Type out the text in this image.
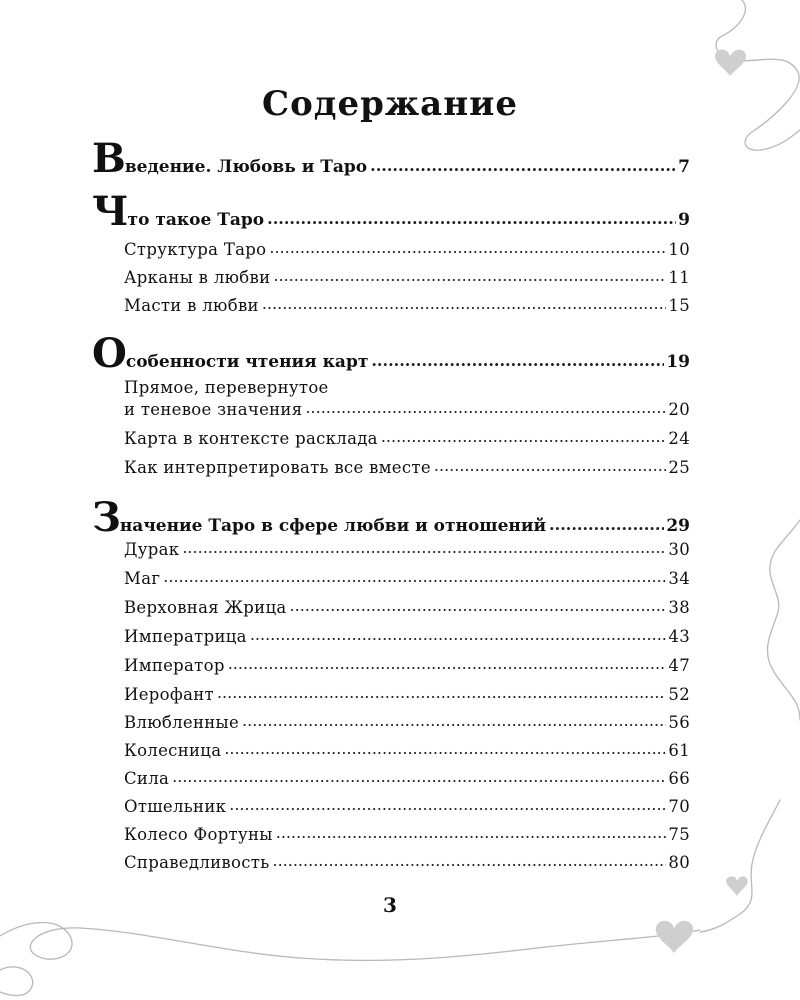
Содержание
Введение. Любовь и Таро .....	7
Что такое Таро .....	9
Структура Таро .....	10
Арканы в любви .....	11
Масти в любви .....	15
Особенности чтения карт .....	19
Прямое, перевернутое
и теневое значения .....	20
Карта в контексте расклада .....	24
Как интерпретировать все вместе .....	25
Значение Таро в сфере любви и отношений .....	29
Дурак .....	30
Маг .....	34
Верховная Жрица .....	38
Императрица .....	43
Император .....	47
Иерофант .....	52
Влюбленные .....	56
Колесница .....	61
Сила .....	66
Отшельник .....	70
Колесо Фортуны .....	75
Справедливость .....	80
3
